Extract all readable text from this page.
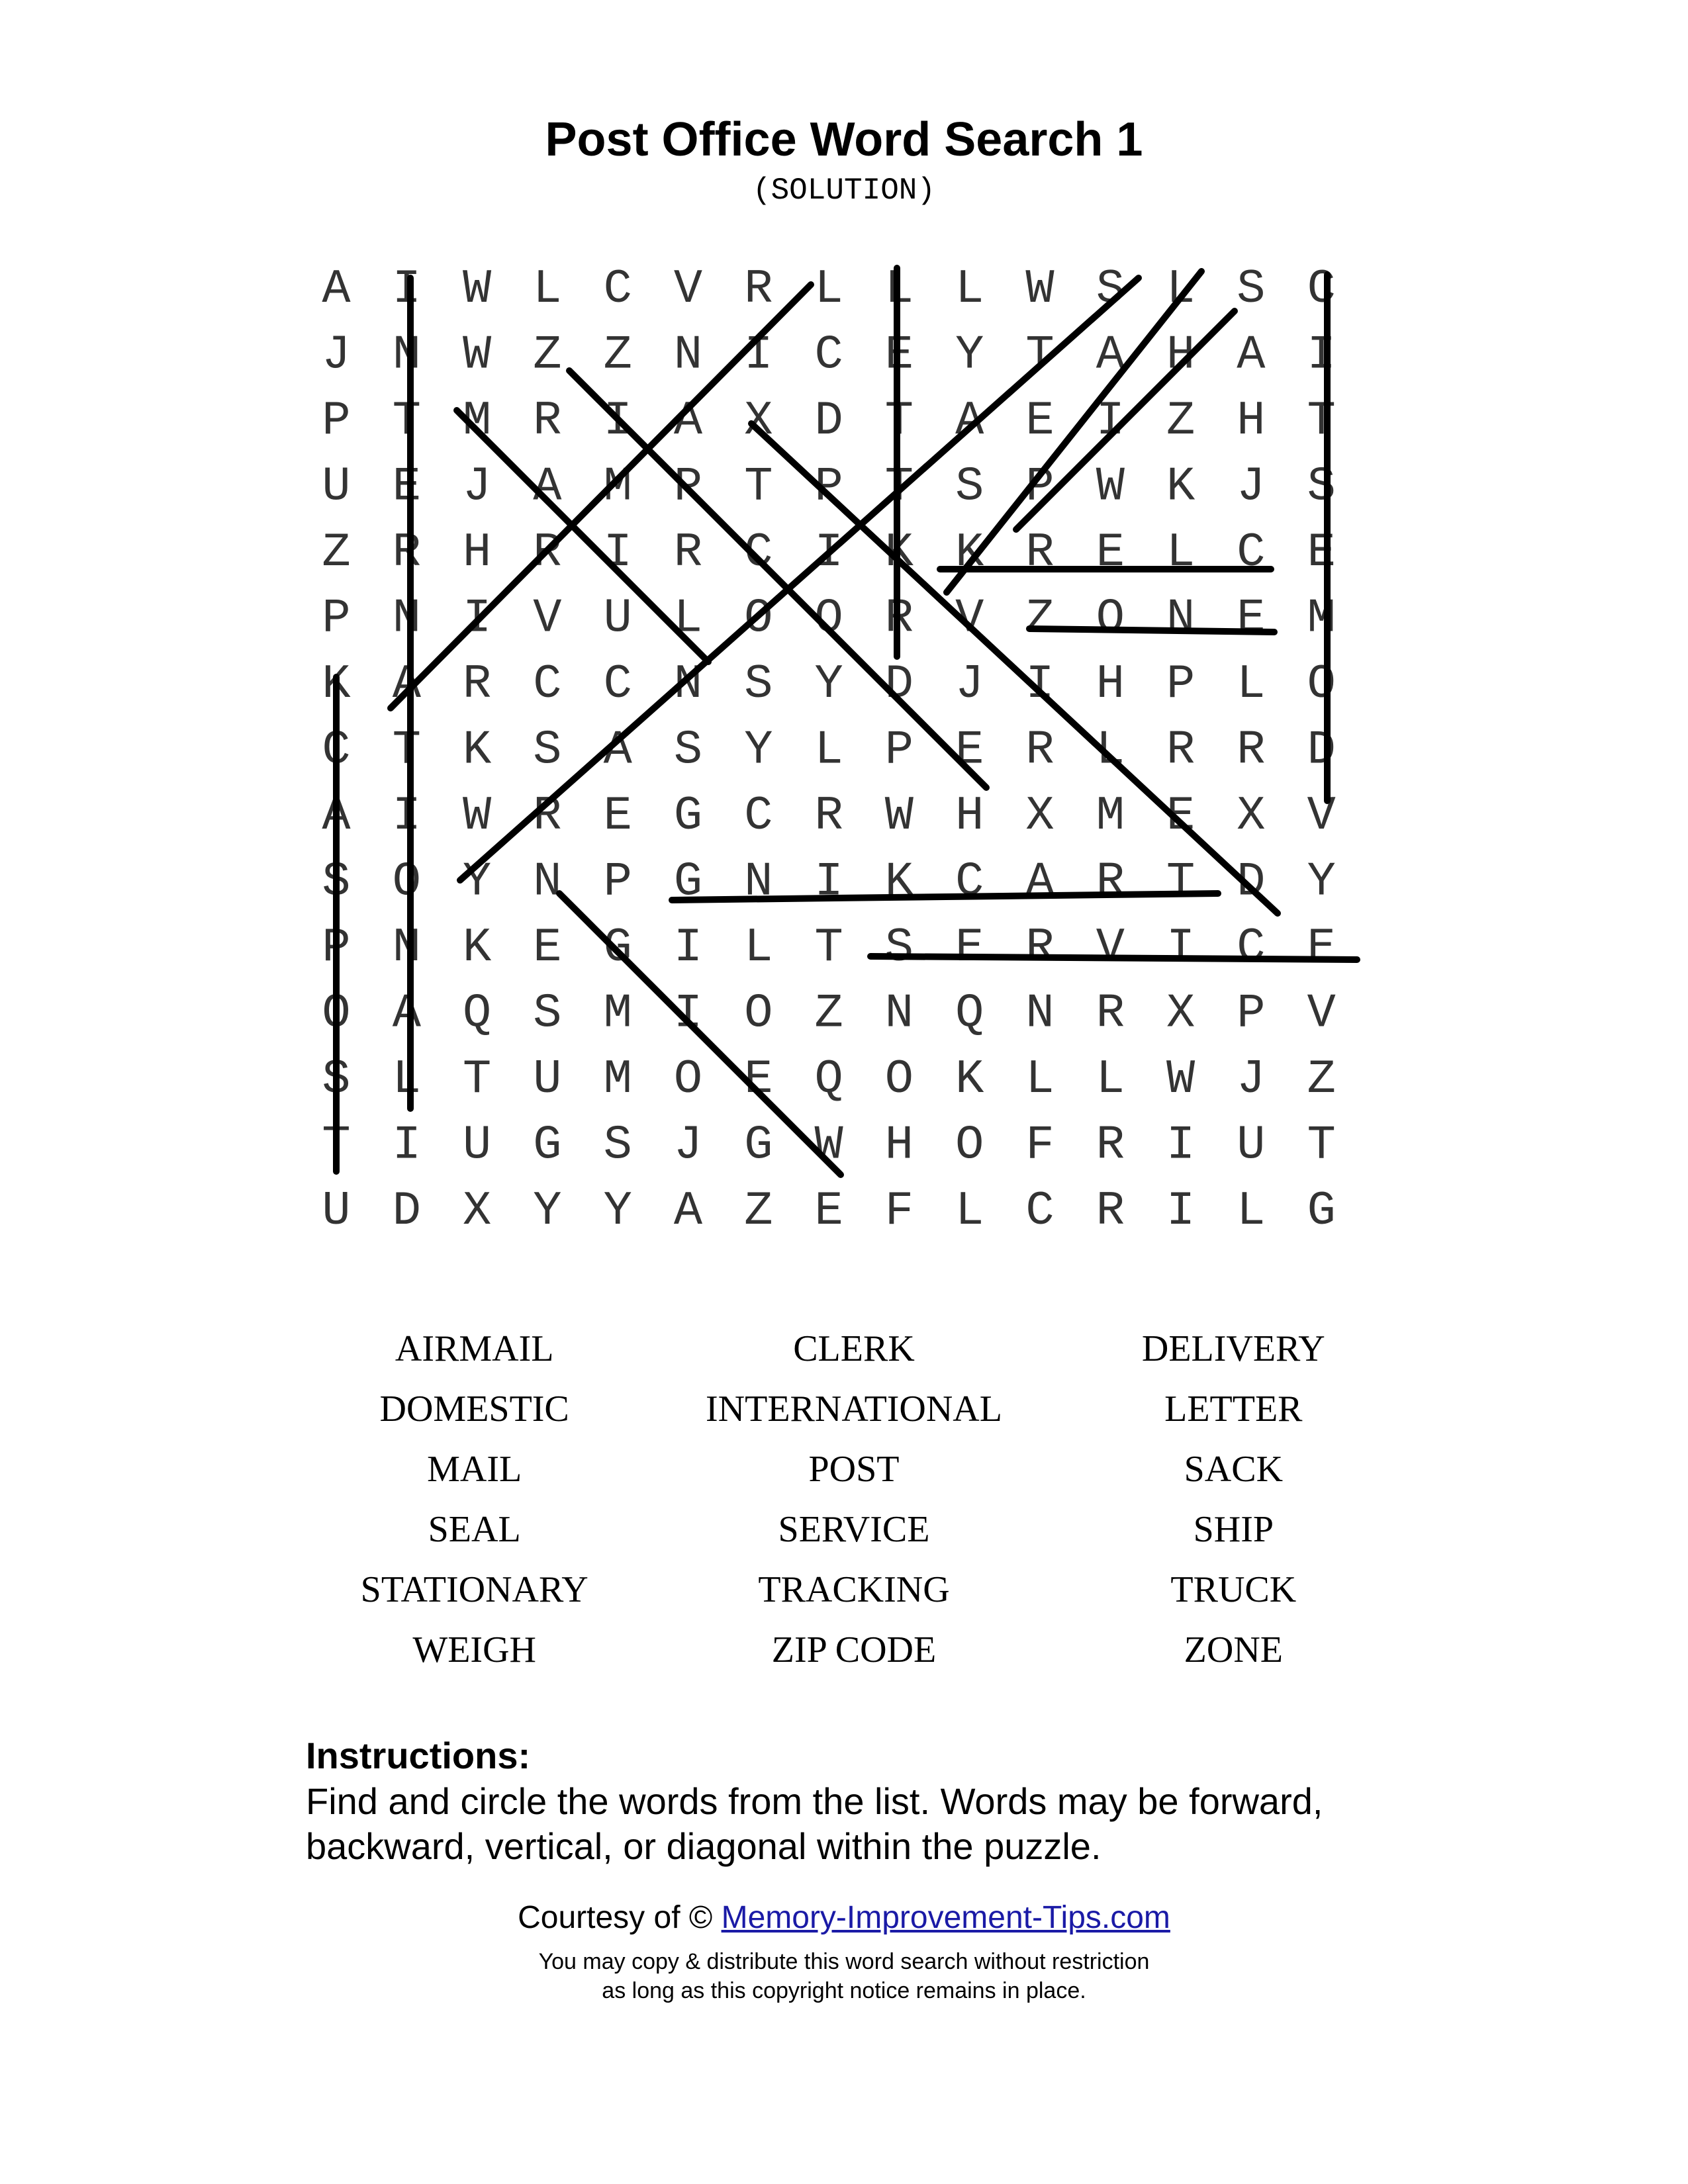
Post Office Word Search 1
(SOLUTION)
A I W L C V R L L L W S L S C
J N W Z Z N I C E Y T A H A I
P T M R I A X D T A E I Z H T
U E J A M P T P T S P W K J S
Z R H R I R C I K K R E L C E
P N I V U L O O R V Z O N E M
K A R C C N S Y D J I H P L O
C T K S A S Y L P E R L R R D
A I W R E G C R W H X M E X V
S O Y N P G N I K C A R T D Y
P N K E G I L T S E R V I C E
O A Q S M I O Z N Q N R X P V
S L T U M O E Q O K L L W J Z
T I U G S J G W H O F R I U T
U D X Y Y A Z E F L C R I L G
AIRMAIL	CLERK	DELIVERY
DOMESTIC	INTERNATIONAL	LETTER
MAIL	POST	SACK
SEAL	SERVICE	SHIP
STATIONARY	TRACKING	TRUCK
WEIGH	ZIP CODE	ZONE
Instructions:
Find and circle the words from the list. Words may be forward, backward, vertical, or diagonal within the puzzle.
Courtesy of © Memory-Improvement-Tips.com
You may copy & distribute this word search without restriction
as long as this copyright notice remains in place.
